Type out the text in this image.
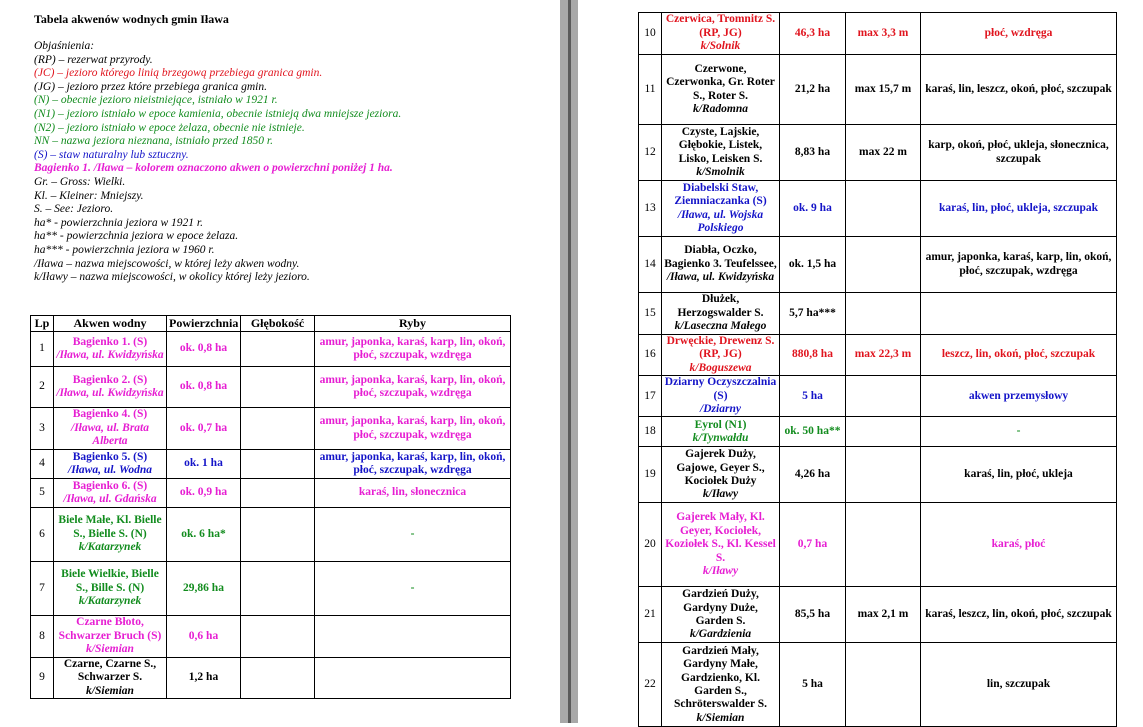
Tabela akwenów wodnych gmin Iława
Objaśnienia:
(RP) – rezerwat przyrody.
(JC) – jezioro którego linią brzegową przebiega granica gmin.
(JG) – jezioro przez które przebiega granica gmin.
(N) – obecnie jezioro nieistniejące, istniało w 1921 r.
(N1) – jezioro istniało w epoce kamienia, obecnie istnieją dwa mniejsze jeziora.
(N2) – jezioro istniało w epoce żelaza, obecnie nie istnieje.
NN – nazwa jeziora nieznana, istniało przed 1850 r.
(S) – staw naturalny lub sztuczny.
Bagienko 1. /Iława – kolorem oznaczono akwen o powierzchni poniżej 1 ha.
Gr. – Gross: Wielki.
Kl. – Kleiner: Mniejszy.
S. – See: Jezioro.
ha* - powierzchnia jeziora w 1921 r.
ha** - powierzchnia jeziora w epoce żelaza.
ha*** - powierzchnia jeziora w 1960 r.
/Iława – nazwa miejscowości, w której leży akwen wodny.
k/Iławy – nazwa miejscowości, w okolicy której leży jezioro.
Lp	Akwen wodny	Powierzchnia	Głębokość	Ryby
1	Bagienko 1. (S)
/Iława, ul. Kwidzyńska	ok. 0,8 ha		amur, japonka, karaś, karp, lin, okoń, płoć, szczupak, wzdręga
2	Bagienko 2. (S)
/Iława, ul. Kwidzyńska	ok. 0,8 ha		amur, japonka, karaś, karp, lin, okoń, płoć, szczupak, wzdręga
3	Bagienko 4. (S)
/Iława, ul. Brata Alberta	ok. 0,7 ha		amur, japonka, karaś, karp, lin, okoń, płoć, szczupak, wzdręga
4	Bagienko 5. (S)
/Iława, ul. Wodna	ok. 1 ha		amur, japonka, karaś, karp, lin, okoń, płoć, szczupak, wzdręga
5	Bagienko 6. (S)
/Iława, ul. Gdańska	ok. 0,9 ha		karaś, lin, słonecznica
6	Biele Małe, Kl. Bielle S., Bielle S. (N)
k/Katarzynek	ok. 6 ha*		-
7	Biele Wielkie, Bielle S., Bille S. (N)
k/Katarzynek	29,86 ha		-
8	Czarne Błoto, Schwarzer Bruch (S)
k/Siemian	0,6 ha		
9	Czarne, Czarne S., Schwarzer S.
k/Siemian	1,2 ha		
10	Czerwica, Tromnitz S. (RP, JG)
k/Solnik	46,3 ha	max 3,3 m	płoć, wzdręga
11	Czerwone, Czerwonka, Gr. Roter S., Roter S.
k/Radomna	21,2 ha	max 15,7 m	karaś, lin, leszcz, okoń, płoć, szczupak
12	Czyste, Lajskie, Głębokie, Listek, Lisko, Leisken S.
k/Smolnik	8,83 ha	max 22 m	karp, okoń, płoć, ukleja, słonecznica, szczupak
13	Diabelski Staw, Ziemniaczanka (S)
/Iława, ul. Wojska Polskiego	ok. 9 ha		karaś, lin, płoć, ukleja, szczupak
14	Diabła, Oczko, Bagienko 3. Teufelssee,
/Iława, ul. Kwidzyńska	ok. 1,5 ha		amur, japonka, karaś, karp, lin, okoń, płoć, szczupak, wzdręga
15	Dłużek, Herzogswalder S.
k/Laseczna Małego	5,7 ha***		
16	Drwęckie, Drewenz S. (RP, JG)
k/Boguszewa	880,8 ha	max 22,3 m	leszcz, lin, okoń, płoć, szczupak
17	Dziarny Oczyszczalnia (S)
/Dziarny	5 ha		akwen przemysłowy
18	Eyrol (N1)
k/Tynwałdu	ok. 50 ha**		-
19	Gajerek Duży, Gajowe, Geyer S., Kociołek Duży
k/Iławy	4,26 ha		karaś, lin, płoć, ukleja
20	Gajerek Mały, Kl. Geyer, Kociołek, Koziołek S., Kl. Kessel S.
k/Iławy	0,7 ha		karaś, płoć
21	Gardzień Duży, Gardyny Duże, Garden S.
k/Gardzienia	85,5 ha	max 2,1 m	karaś, leszcz, lin, okoń, płoć, szczupak
22	Gardzień Mały, Gardyny Małe, Gardzienko, Kl. Garden S., Schröterswalder S.
k/Siemian	5 ha		lin, szczupak
